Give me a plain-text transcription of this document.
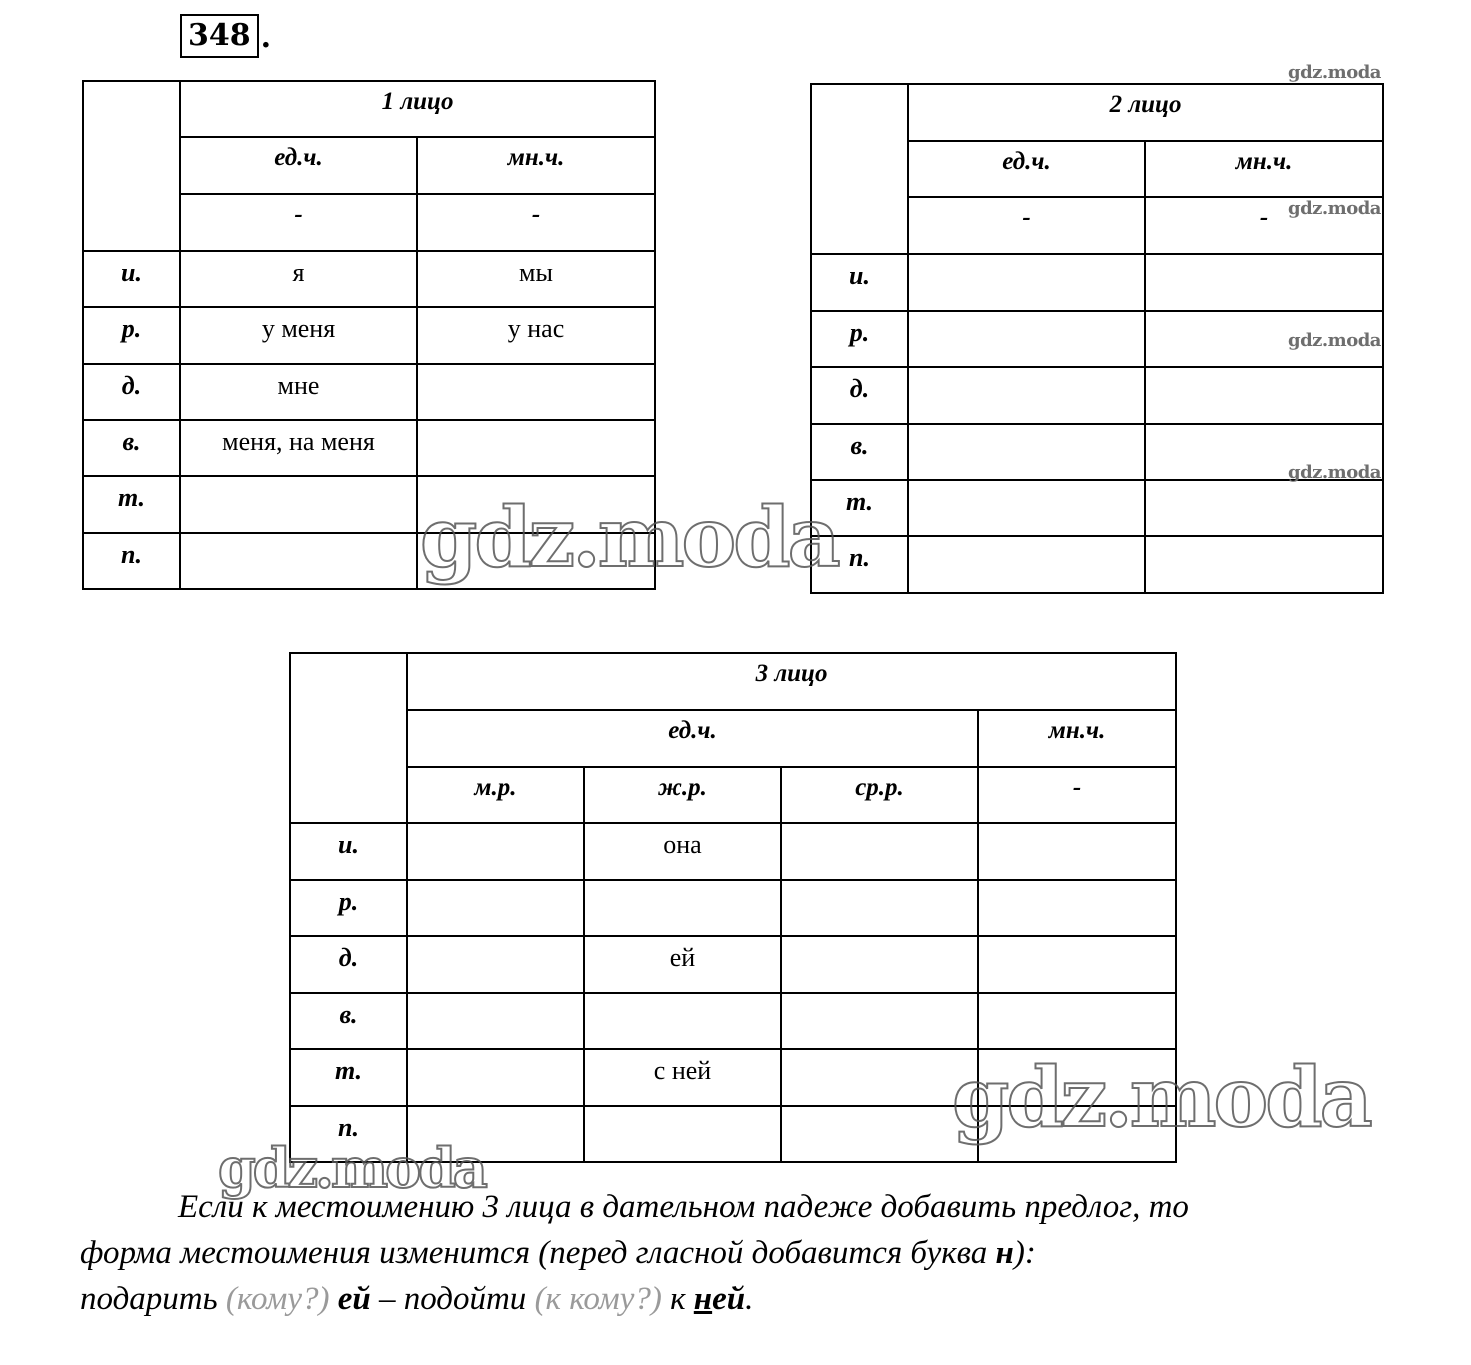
348 .
	1 лицо	
	ед.ч.	мн.ч.
	-	-
и.	я	мы
р.	у меня	у нас
д.	мне	
в.	меня, на меня	
т.		
п.		
	2 лицо	
	ед.ч.	мн.ч.
	-	-
и.		
р.		
д.		
в.		
т.		
п.		
	3 лицо			
	ед.ч.			мн.ч.
	м.р.	ж.р.	ср.р.	-
и.		она		
р.				
д.		ей		
в.				
т.		с ней		
п.				
Если к местоимению 3 лица в дательном падеже добавить предлог, то
форма местоимения изменится (перед гласной добавится буква н):
подарить (кому?) ей – подойти (к кому?) к ней.
gdz.moda
gdz.moda
gdz.moda
gdz.moda
gdz.moda
gdz.moda
gdz.moda
